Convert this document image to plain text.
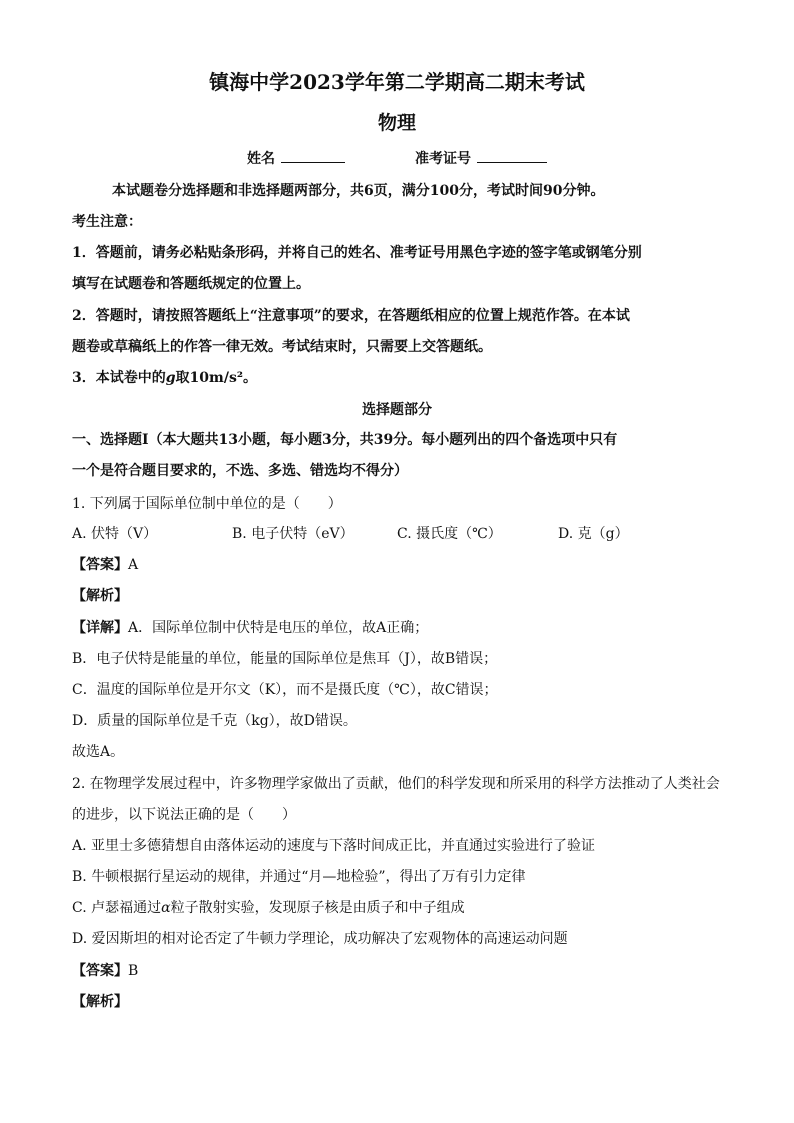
镇海中学2023学年第二学期高二期末考试
物理
姓名	准考证号
本试题卷分选择题和非选择题两部分，共6页，满分100分，考试时间90分钟。
考生注意：
1．答题前，请务必粘贴条形码，并将自己的姓名、准考证号用黑色字迹的签字笔或钢笔分别
填写在试题卷和答题纸规定的位置上。
2．答题时，请按照答题纸上“注意事项”的要求，在答题纸相应的位置上规范作答。在本试
题卷或草稿纸上的作答一律无效。考试结束时，只需要上交答题纸。
3．本试卷中的g取10m/s²。
选择题部分
一、选择题Ⅰ（本大题共13小题，每小题3分，共39分。每小题列出的四个备选项中只有
一个是符合题目要求的，不选、多选、错选均不得分）
1. 下列属于国际单位制中单位的是（　　）
A. 伏特（V）	B. 电子伏特（eV）	C. 摄氏度（℃）	D. 克（g）
【答案】A
【解析】
【详解】A．国际单位制中伏特是电压的单位，故A正确；
B．电子伏特是能量的单位，能量的国际单位是焦耳（J），故B错误；
C．温度的国际单位是开尔文（K），而不是摄氏度（℃），故C错误；
D．质量的国际单位是千克（kg），故D错误。
故选A。
2. 在物理学发展过程中，许多物理学家做出了贡献，他们的科学发现和所采用的科学方法推动了人类社会
的进步，以下说法正确的是（　　）
A. 亚里士多德猜想自由落体运动的速度与下落时间成正比，并直通过实验进行了验证
B. 牛顿根据行星运动的规律，并通过“月—地检验”，得出了万有引力定律
C. 卢瑟福通过α粒子散射实验，发现原子核是由质子和中子组成
D. 爱因斯坦的相对论否定了牛顿力学理论，成功解决了宏观物体的高速运动问题
【答案】B
【解析】
